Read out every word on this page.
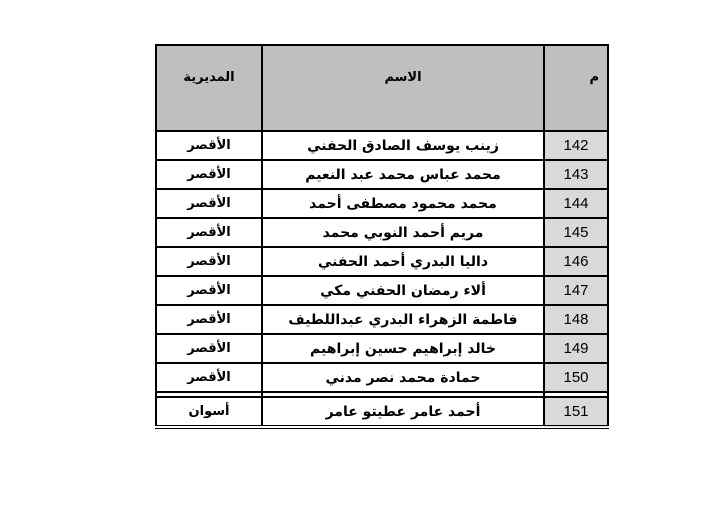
م	الاسم	المديرية
142	زينب يوسف الصادق الحفني	الأقصر
143	محمد عباس محمد عبد النعيم	الأقصر
144	محمد محمود مصطفى أحمد	الأقصر
145	مريم أحمد النوبي محمد	الأقصر
146	داليا البدري أحمد الحفني	الأقصر
147	ألاء رمضان الحفني مكي	الأقصر
148	فاطمة الزهراء البدري عبداللطيف	الأقصر
149	خالد إبراهيم حسين إبراهيم	الأقصر
150	حمادة محمد نصر مدني	الأقصر

151	أحمد عامر عطيتو عامر	أسوان
